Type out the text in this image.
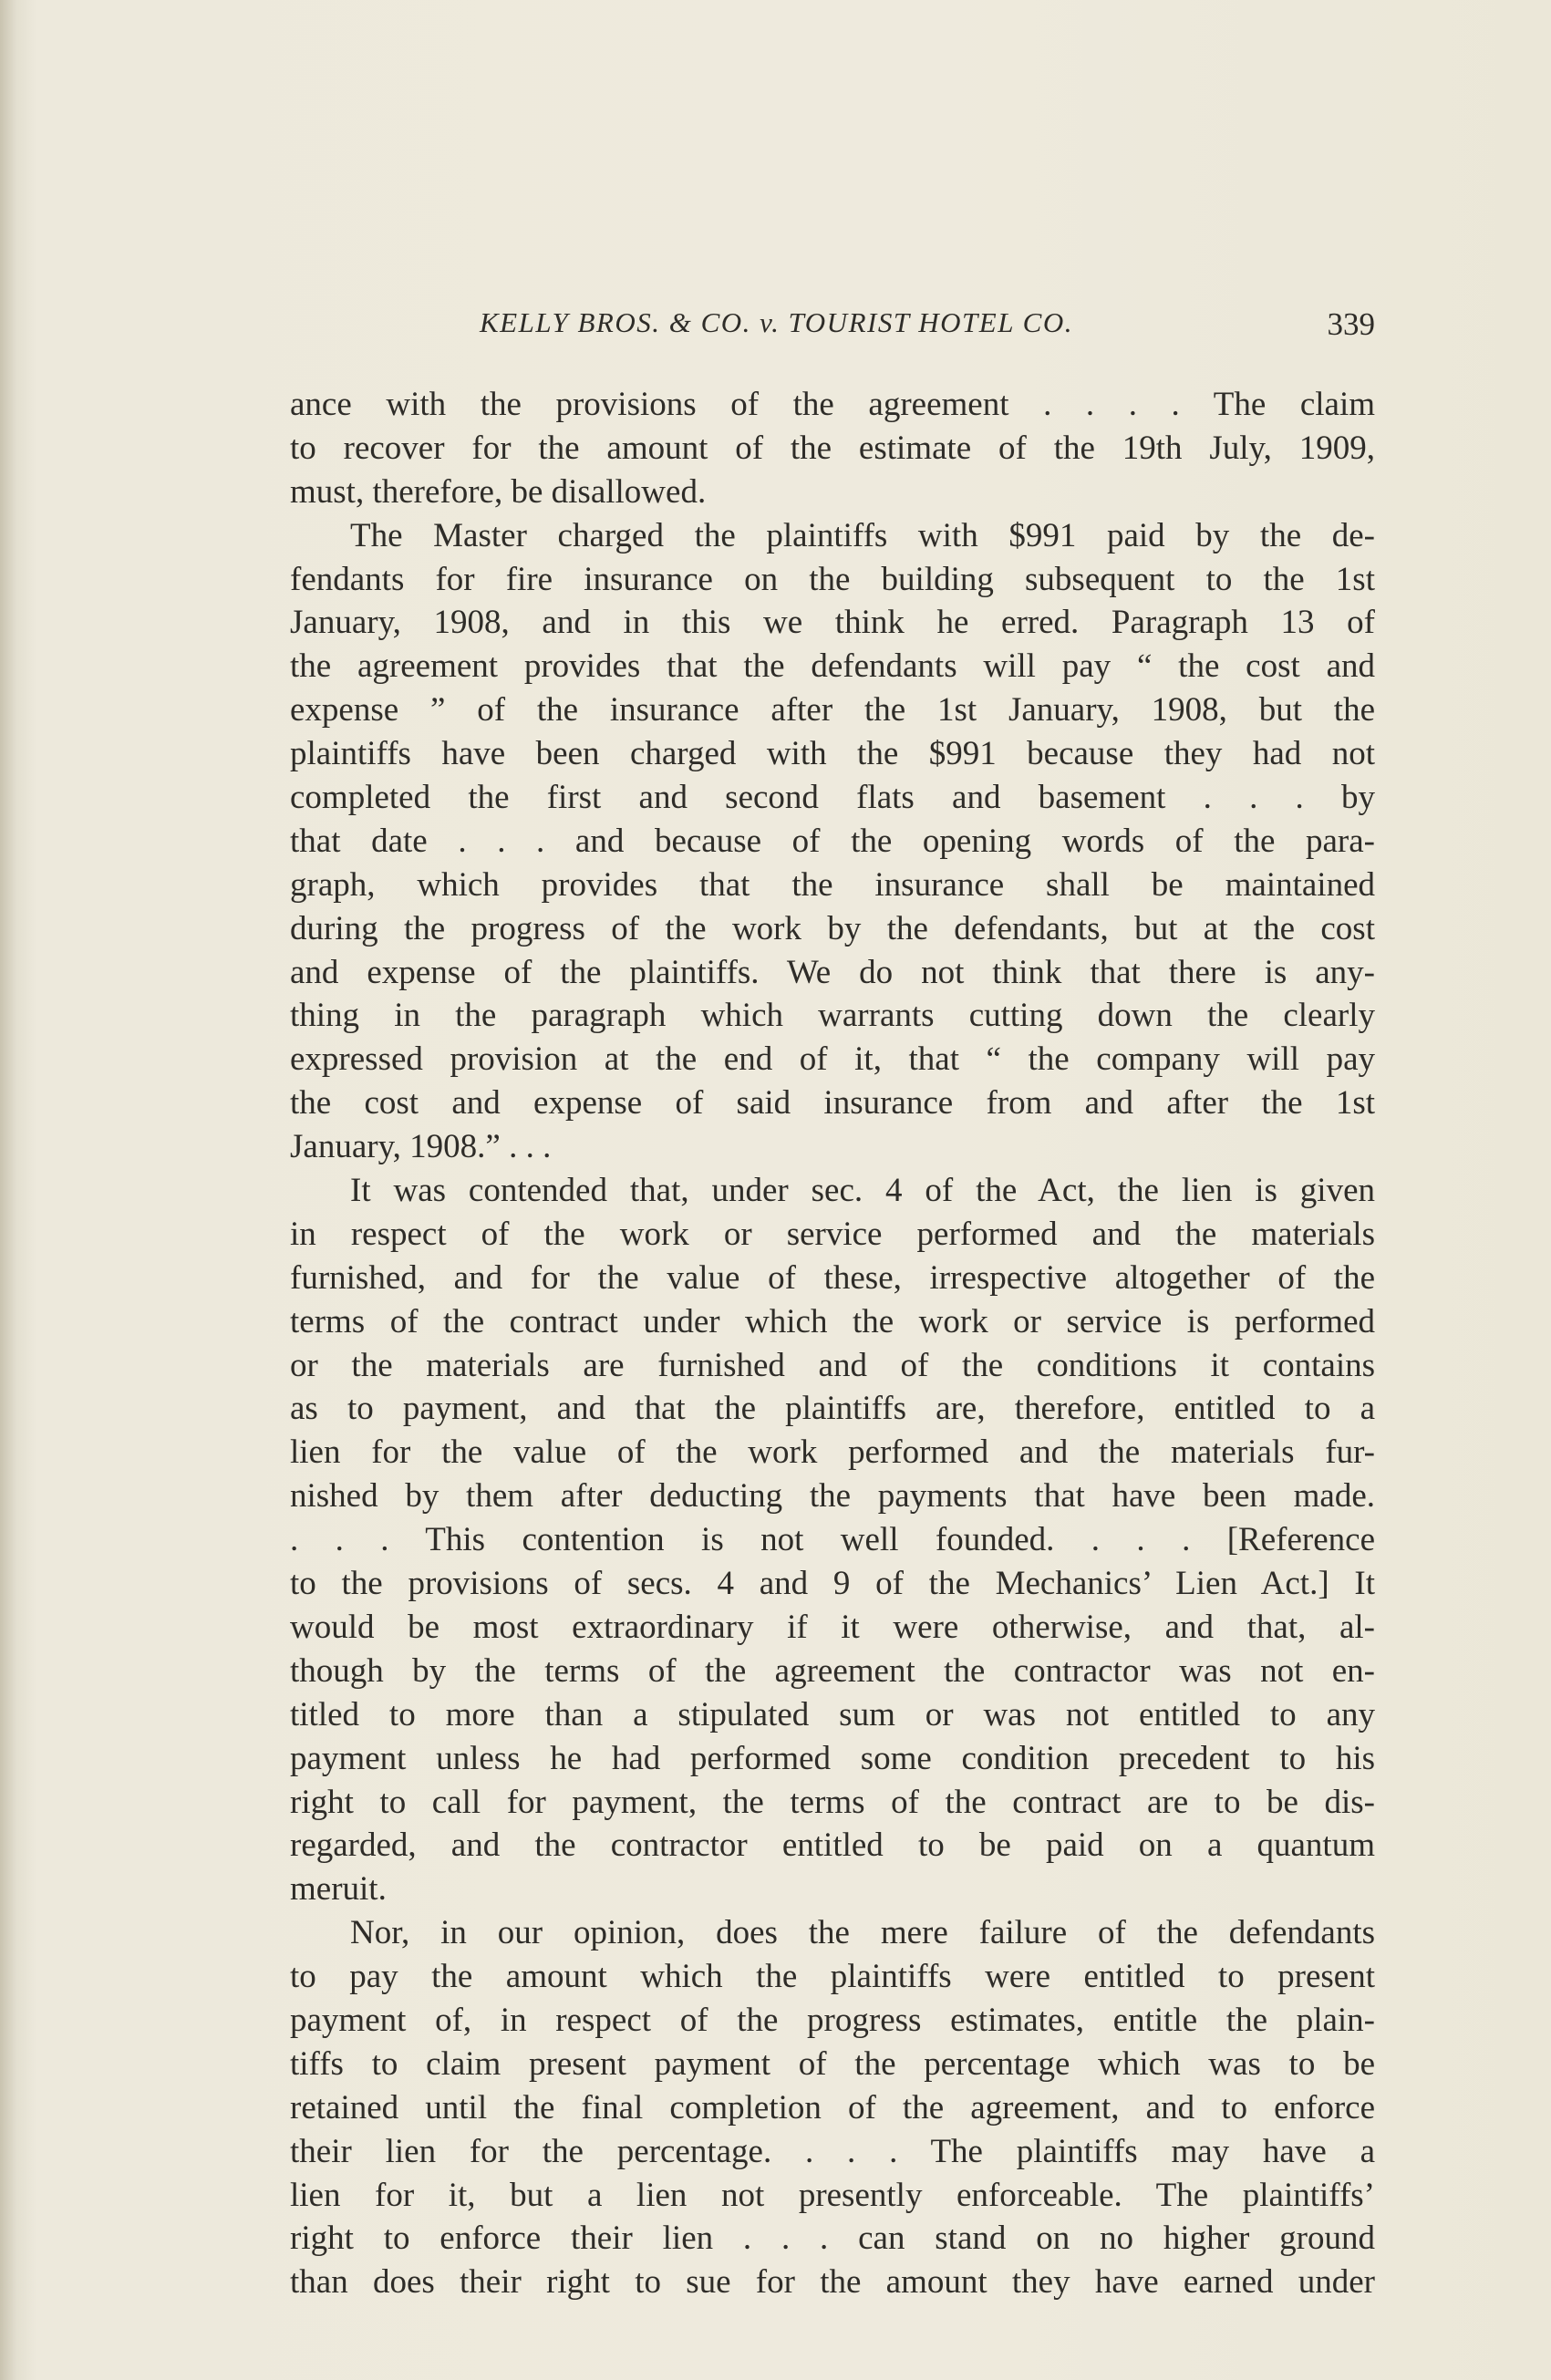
KELLY BROS. & CO. v. TOURIST HOTEL CO.	339
ance with the provisions of the agreement . . . . The claim
to recover for the amount of the estimate of the 19th July, 1909,
must, therefore, be disallowed.
The Master charged the plaintiffs with $991 paid by the de-
fendants for fire insurance on the building subsequent to the 1st
January, 1908, and in this we think he erred. Paragraph 13 of
the agreement provides that the defendants will pay “ the cost and
expense ” of the insurance after the 1st January, 1908, but the
plaintiffs have been charged with the $991 because they had not
completed the first and second flats and basement . . . by
that date . . . and because of the opening words of the para-
graph, which provides that the insurance shall be maintained
during the progress of the work by the defendants, but at the cost
and expense of the plaintiffs. We do not think that there is any-
thing in the paragraph which warrants cutting down the clearly
expressed provision at the end of it, that “ the company will pay
the cost and expense of said insurance from and after the 1st
January, 1908.” . . .
It was contended that, under sec. 4 of the Act, the lien is given
in respect of the work or service performed and the materials
furnished, and for the value of these, irrespective altogether of the
terms of the contract under which the work or service is performed
or the materials are furnished and of the conditions it contains
as to payment, and that the plaintiffs are, therefore, entitled to a
lien for the value of the work performed and the materials fur-
nished by them after deducting the payments that have been made.
. . . This contention is not well founded. . . . [Reference
to the provisions of secs. 4 and 9 of the Mechanics’ Lien Act.] It
would be most extraordinary if it were otherwise, and that, al-
though by the terms of the agreement the contractor was not en-
titled to more than a stipulated sum or was not entitled to any
payment unless he had performed some condition precedent to his
right to call for payment, the terms of the contract are to be dis-
regarded, and the contractor entitled to be paid on a quantum
meruit.
Nor, in our opinion, does the mere failure of the defendants
to pay the amount which the plaintiffs were entitled to present
payment of, in respect of the progress estimates, entitle the plain-
tiffs to claim present payment of the percentage which was to be
retained until the final completion of the agreement, and to enforce
their lien for the percentage. . . . The plaintiffs may have a
lien for it, but a lien not presently enforceable. The plaintiffs’
right to enforce their lien . . . can stand on no higher ground
than does their right to sue for the amount they have earned under
